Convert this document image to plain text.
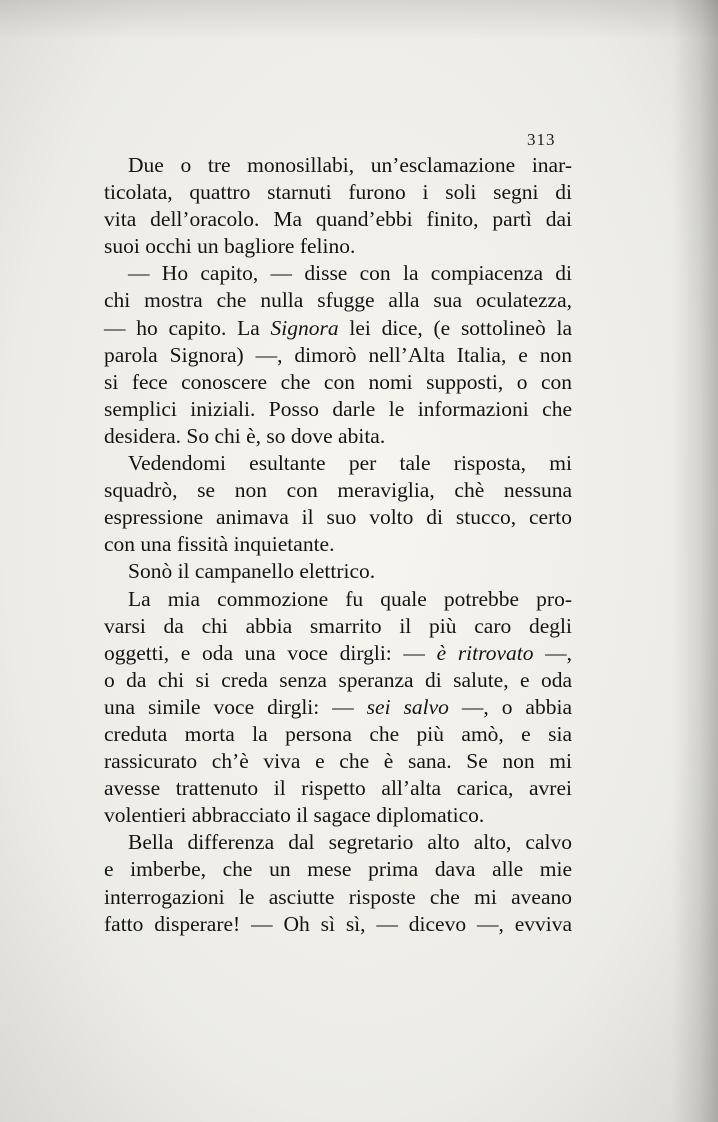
313
Due o tre monosillabi, un’esclamazione inar-
ticolata, quattro starnuti furono i soli segni di
vita dell’oracolo. Ma quand’ebbi finito, partì dai
suoi occhi un bagliore felino.
— Ho capito, — disse con la compiacenza di
chi mostra che nulla sfugge alla sua oculatezza,
— ho capito. La Signora lei dice, (e sottolineò la
parola Signora) —, dimorò nell’Alta Italia, e non
si fece conoscere che con nomi supposti, o con
semplici iniziali. Posso darle le informazioni che
desidera. So chi è, so dove abita.
Vedendomi esultante per tale risposta, mi
squadrò, se non con meraviglia, chè nessuna
espressione animava il suo volto di stucco, certo
con una fissità inquietante.
Sonò il campanello elettrico.
La mia commozione fu quale potrebbe pro-
varsi da chi abbia smarrito il più caro degli
oggetti, e oda una voce dirgli: — è ritrovato —,
o da chi si creda senza speranza di salute, e oda
una simile voce dirgli: — sei salvo —, o abbia
creduta morta la persona che più amò, e sia
rassicurato ch’è viva e che è sana. Se non mi
avesse trattenuto il rispetto all’alta carica, avrei
volentieri abbracciato il sagace diplomatico.
Bella differenza dal segretario alto alto, calvo
e imberbe, che un mese prima dava alle mie
interrogazioni le asciutte risposte che mi aveano
fatto disperare! — Oh sì sì, — dicevo —, evviva
